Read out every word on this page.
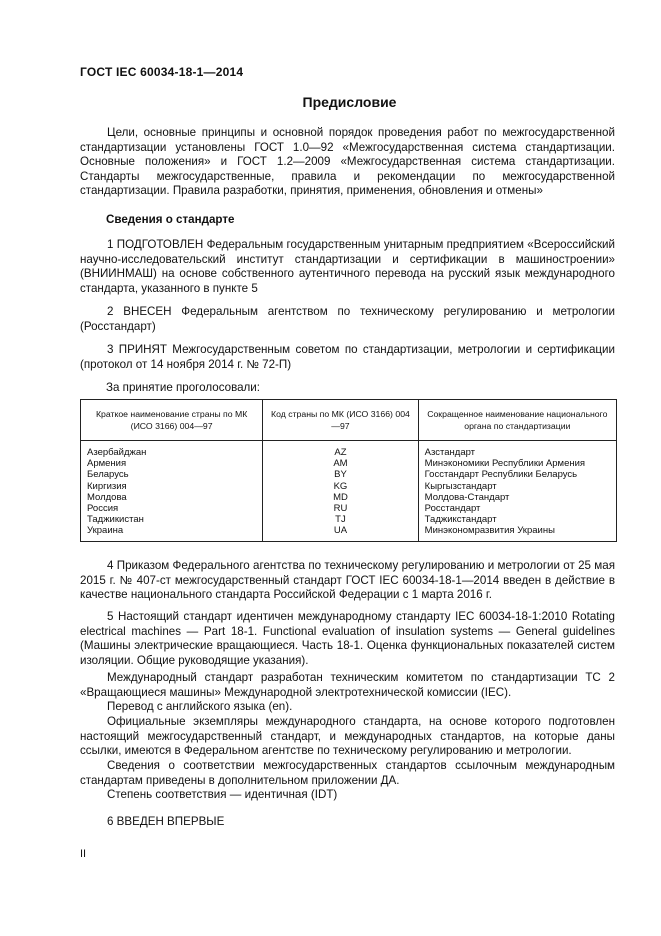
ГОСТ IEC 60034-18-1—2014
Предисловие

Цели, основные принципы и основной порядок проведения работ по межгосударственной стандартизации установлены ГОСТ 1.0—92 «Межгосударственная система стандартизации. Основные положения» и ГОСТ 1.2—2009 «Межгосударственная система стандартизации. Стандарты межгосударственные, правила и рекомендации по межгосударственной стандартизации. Правила разработки, принятия, применения, обновления и отмены»

Сведения о стандарте

1 ПОДГОТОВЛЕН Федеральным государственным унитарным предприятием «Всероссийский научно-исследовательский институт стандартизации и сертификации в машиностроении» (ВНИИНМАШ) на основе собственного аутентичного перевода на русский язык международного стандарта, указанного в пункте 5

2 ВНЕСЕН Федеральным агентством по техническому регулированию и метрологии (Росстандарт)

3 ПРИНЯТ Межгосударственным советом по стандартизации, метрологии и сертификации (протокол от 14 ноября 2014 г. № 72-П)

За принятие проголосовали:
Краткое наименование страны по МК (ИСО 3166) 004—97	Код страны по МК (ИСО 3166) 004—97	Сокращенное наименование национального органа по стандартизации
Азербайджан	AZ	Азстандарт
Армения	AM	Минэкономики Республики Армения
Беларусь	BY	Госстандарт Республики Беларусь
Киргизия	KG	Кыргызстандарт
Молдова	MD	Молдова-Стандарт
Россия	RU	Росстандарт
Таджикистан	TJ	Таджикстандарт
Украина	UA	Минэкономразвития Украины

4 Приказом Федерального агентства по техническому регулированию и метрологии от 25 мая 2015 г. № 407-ст межгосударственный стандарт ГОСТ IEC 60034-18-1—2014 введен в действие в качестве национального стандарта Российской Федерации с 1 марта 2016 г.

5 Настоящий стандарт идентичен международному стандарту IEC 60034-18-1:2010 Rotating electrical machines — Part 18-1. Functional evaluation of insulation systems — General guidelines (Машины электрические вращающиеся. Часть 18-1. Оценка функциональных показателей систем изоляции. Общие руководящие указания).

Международный стандарт разработан техническим комитетом по стандартизации ТС 2 «Вращающиеся машины» Международной электротехнической комиссии (IEC).

Перевод с английского языка (en).

Официальные экземпляры международного стандарта, на основе которого подготовлен настоящий межгосударственный стандарт, и международных стандартов, на которые даны ссылки, имеются в Федеральном агентстве по техническому регулированию и метрологии.

Сведения о соответствии межгосударственных стандартов ссылочным международным стандартам приведены в дополнительном приложении ДА.

Степень соответствия — идентичная (IDT)

6 ВВЕДЕН ВПЕРВЫЕ

II
